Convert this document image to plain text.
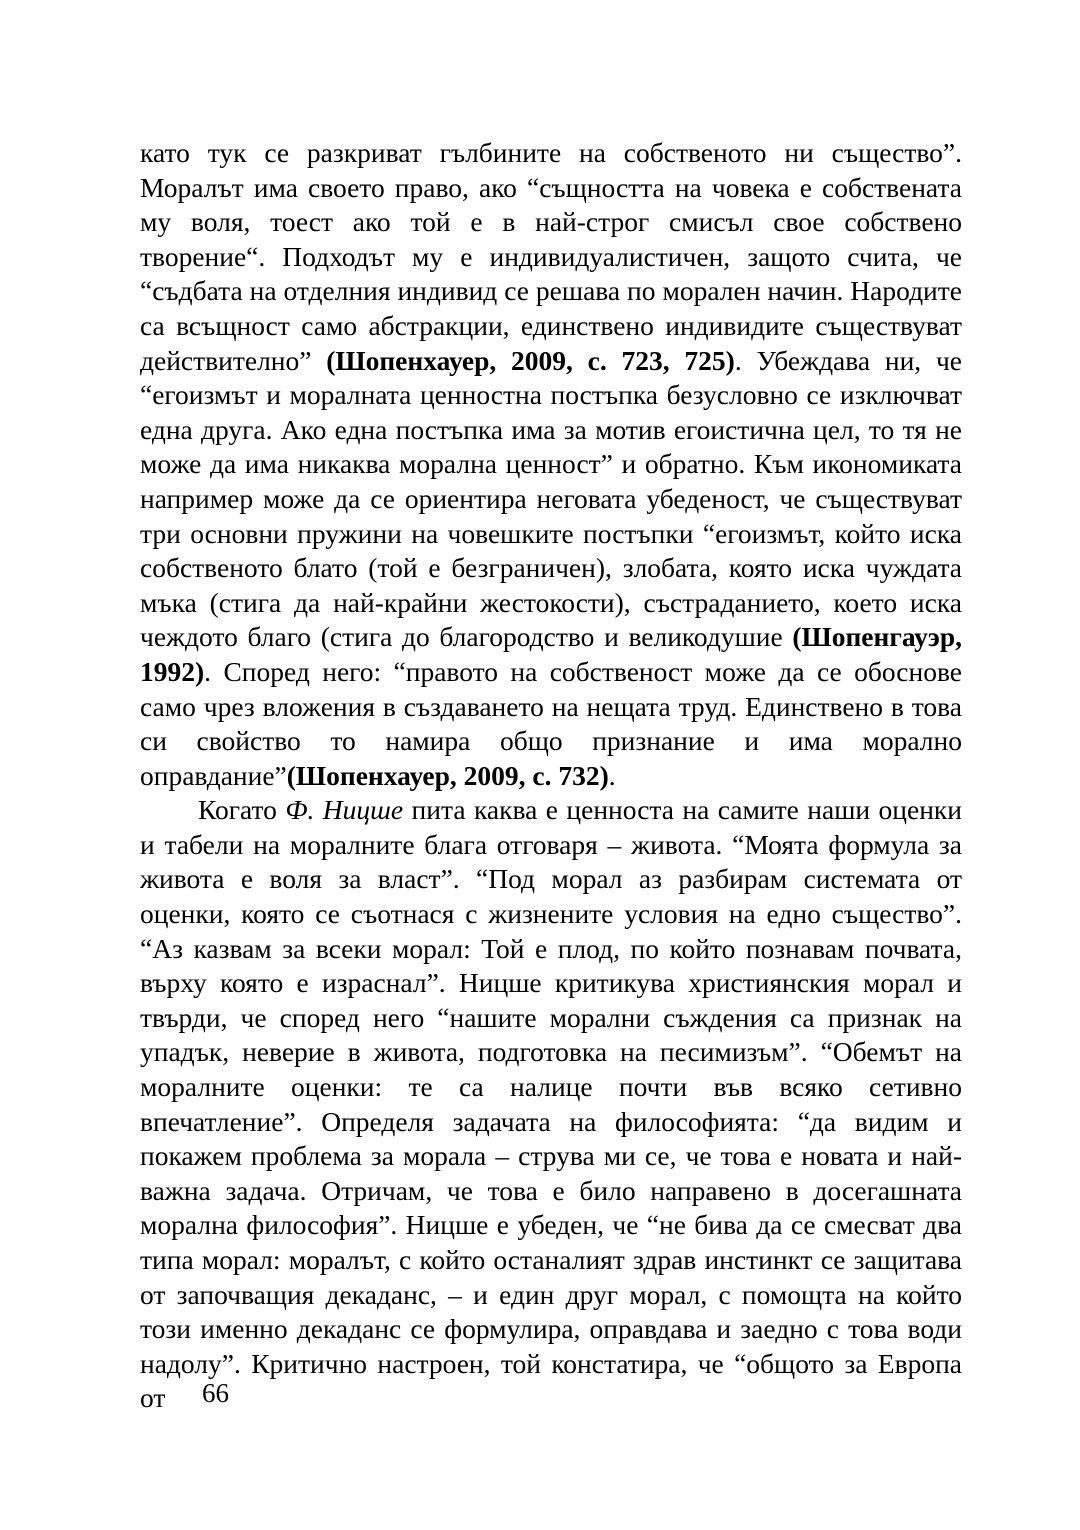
като тук се разкриват гълбините на собственото ни същество”. Моралът има своето право, ако “същността на човека е собствената му воля, тоест ако той е в най-строг смисъл свое собствено творение“. Подходът му е индивидуалистичен, защото счита, че “съдбата на отделния индивид се решава по морален начин. Народите са всъщност само абстракции, единствено индивидите съществуват действително” (Шопенхауер, 2009, с. 723, 725). Убеждава ни, че “егоизмът и моралната ценностна постъпка безусловно се изключват една друга. Ако една постъпка има за мотив егоистична цел, то тя не може да има никаква морална ценност” и обратно. Към икономиката например може да се ориентира неговата убеденост, че съществуват три основни пружини на човешките постъпки “егоизмът, който иска собственото блато (той е безграничен), злобата, която иска чуждата мъка (стига да най-крайни жестокости), състраданието, което иска чеждото благо (стига до благородство и великодушие (Шопенгауэр, 1992). Според него: “правото на собственост може да се обоснове само чрез вложения в създаването на нещата труд. Единствено в това си свойство то намира общо признание и има морално оправдание”(Шопенхауер, 2009, с. 732).

Когато Ф. Ницше пита каква е ценноста на самите наши оценки и табели на моралните блага отговаря – живота. “Моята формула за живота е воля за власт”. “Под морал аз разбирам системата от оценки, която се съотнася с жизнените условия на едно същество”. “Аз казвам за всеки морал: Той е плод, по който познавам почвата, върху която е израснал”. Ницше критикува християнския морал и твърди, че според него “нашите морални съждения са признак на упадък, неверие в живота, подготовка на песимизъм”. “Обемът на моралните оценки: те са налице почти във всяко сетивно впечатление”. Определя задачата на философията: “да видим и покажем проблема за морала – струва ми се, че това е новата и най-важна задача. Отричам, че това е било направено в досегашната морална философия”. Ницше е убеден, че “не бива да се смесват два типа морал: моралът, с който останалият здрав инстинкт се защитава от започващия декаданс, – и един друг морал, с помощта на който този именно декаданс се формулира, оправдава и заедно с това води надолу”. Критично настроен, той констатира, че “общото за Европа от	66
